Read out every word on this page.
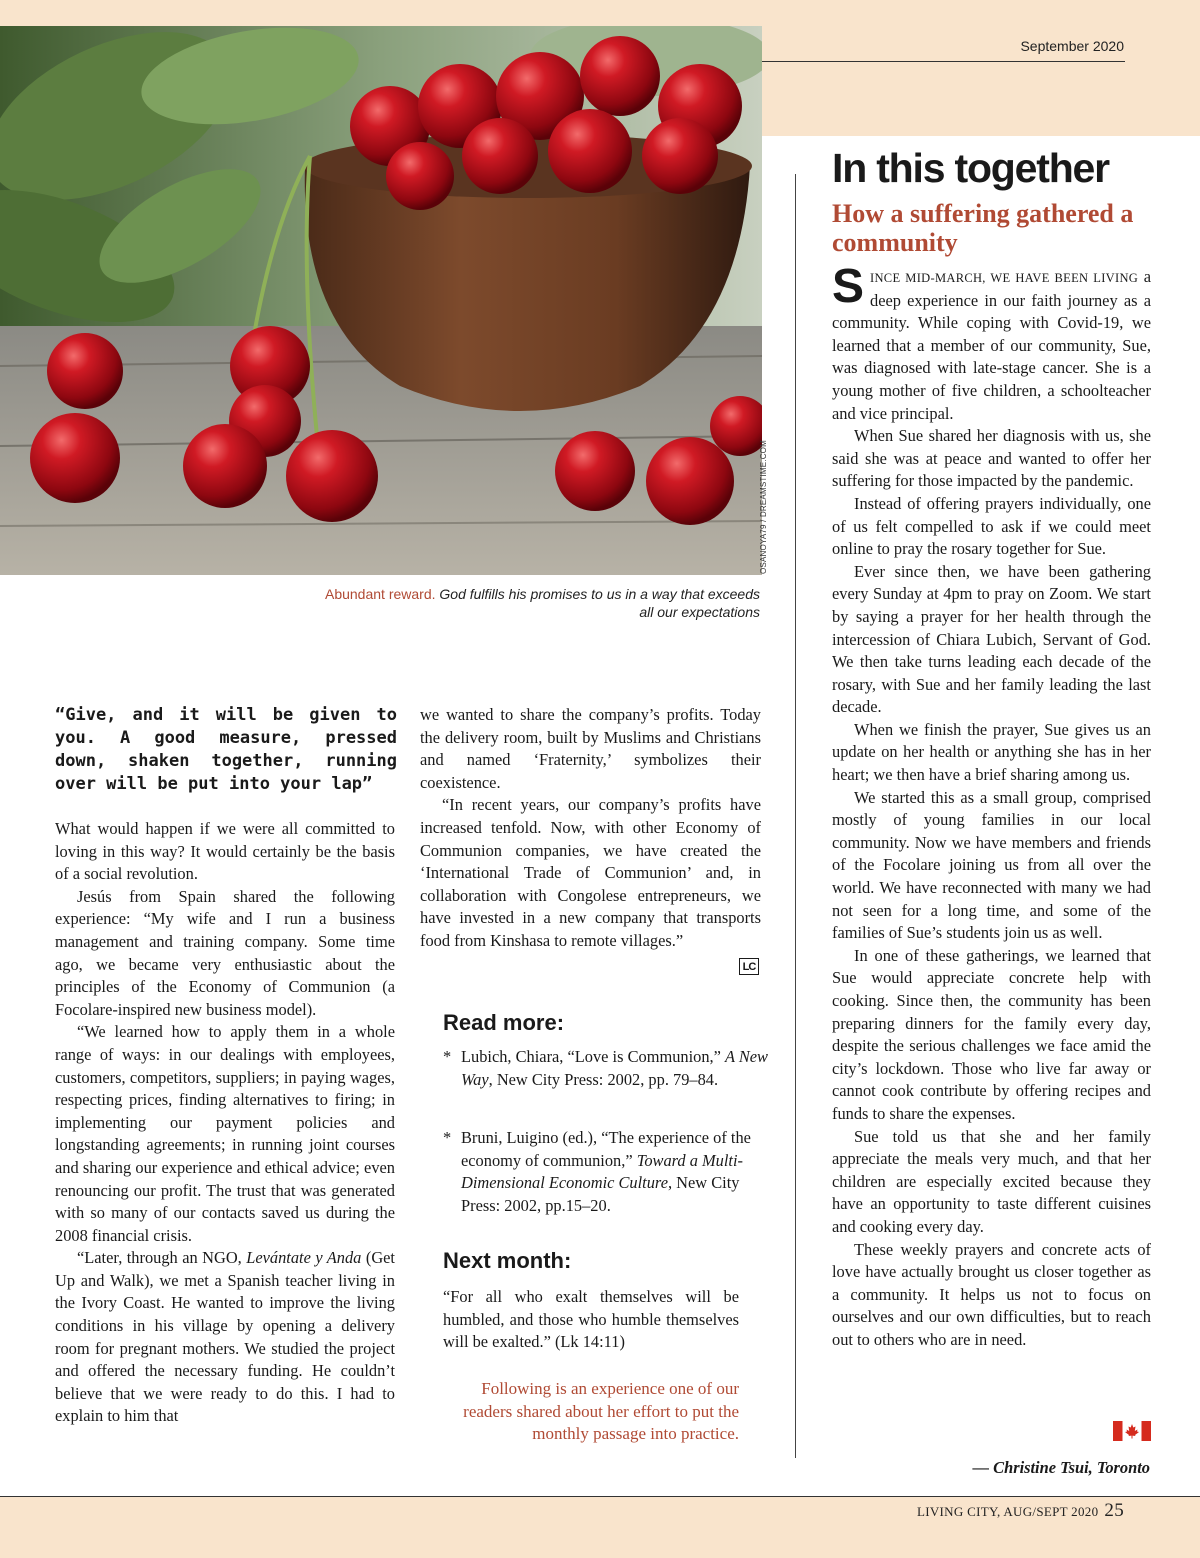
OSANOYA79 / DREAMSTIME.COM
September 2020
Abundant reward. God fulfills his promises to us in a way that exceeds all our expectations
In this together
How a suffering gathered a community

SINCE MID-MARCH, WE HAVE BEEN LIVING a deep experience in our faith journey as a community. While coping with Covid-19, we learned that a member of our community, Sue, was diagnosed with late-stage cancer. She is a young mother of five children, a schoolteacher and vice principal.

When Sue shared her diagnosis with us, she said she was at peace and wanted to offer her suffering for those impacted by the pandemic.

Instead of offering prayers individually, one of us felt compelled to ask if we could meet online to pray the rosary together for Sue.

Ever since then, we have been gathering every Sunday at 4pm to pray on Zoom. We start by saying a prayer for her health through the intercession of Chiara Lubich, Servant of God. We then take turns leading each decade of the rosary, with Sue and her family leading the last decade.

When we finish the prayer, Sue gives us an update on her health or anything she has in her heart; we then have a brief sharing among us.

We started this as a small group, comprised mostly of young families in our local community. Now we have members and friends of the Focolare joining us from all over the world. We have reconnected with many we had not seen for a long time, and some of the families of Sue’s students join us as well.

In one of these gatherings, we learned that Sue would appreciate concrete help with cooking. Since then, the community has been preparing dinners for the family every day, despite the serious challenges we face amid the city’s lockdown. Those who live far away or cannot cook contribute by offering recipes and funds to share the expenses.

Sue told us that she and her family appreciate the meals very much, and that her children are especially excited because they have an opportunity to taste different cuisines and cooking every day.

These weekly prayers and concrete acts of love have actually brought us closer together as a community. It helps us not to focus on ourselves and our own difficulties, but to reach out to others who are in need.

— Christine Tsui, Toronto

“Give, and it will be given to you. A good measure, pressed down, shaken together, running over will be put into your lap”

What would happen if we were all committed to loving in this way? It would certainly be the basis of a social revolution.

Jesús from Spain shared the following experience: “My wife and I run a business management and training company. Some time ago, we became very enthusiastic about the principles of the Economy of Communion (a Focolare-inspired new business model).

“We learned how to apply them in a whole range of ways: in our dealings with employees, customers, competitors, suppliers; in paying wages, respecting prices, finding alternatives to firing; in implementing our payment policies and longstanding agreements; in running joint courses and sharing our experience and ethical advice; even renouncing our profit. The trust that was generated with so many of our contacts saved us during the 2008 financial crisis.

“Later, through an NGO, Levántate y Anda (Get Up and Walk), we met a Spanish teacher living in the Ivory Coast. He wanted to improve the living conditions in his village by opening a delivery room for pregnant mothers. We studied the project and offered the necessary funding. He couldn’t believe that we were ready to do this. I had to explain to him that

we wanted to share the company’s profits. Today the delivery room, built by Muslims and Christians and named ‘Fraternity,’ symbolizes their coexistence.

“In recent years, our company’s profits have increased tenfold. Now, with other Economy of Communion companies, we have created the ‘International Trade of Communion’ and, in collaboration with Congolese entrepreneurs, we have invested in a new company that transports food from Kinshasa to remote villages.”

LC
Read more:
* Lubich, Chiara, “Love is Communion,” A New Way, New City Press: 2002, pp. 79–84.
* Bruni, Luigino (ed.), “The experience of the economy of communion,” Toward a Multi-Dimensional Economic Culture, New City Press: 2002, pp.15–20.
Next month:
“For all who exalt themselves will be humbled, and those who humble themselves will be exalted.” (Lk 14:11)
Following is an experience one of our readers shared about her effort to put the monthly passage into practice.
LIVING CITY, AUG/SEPT 2020 25
